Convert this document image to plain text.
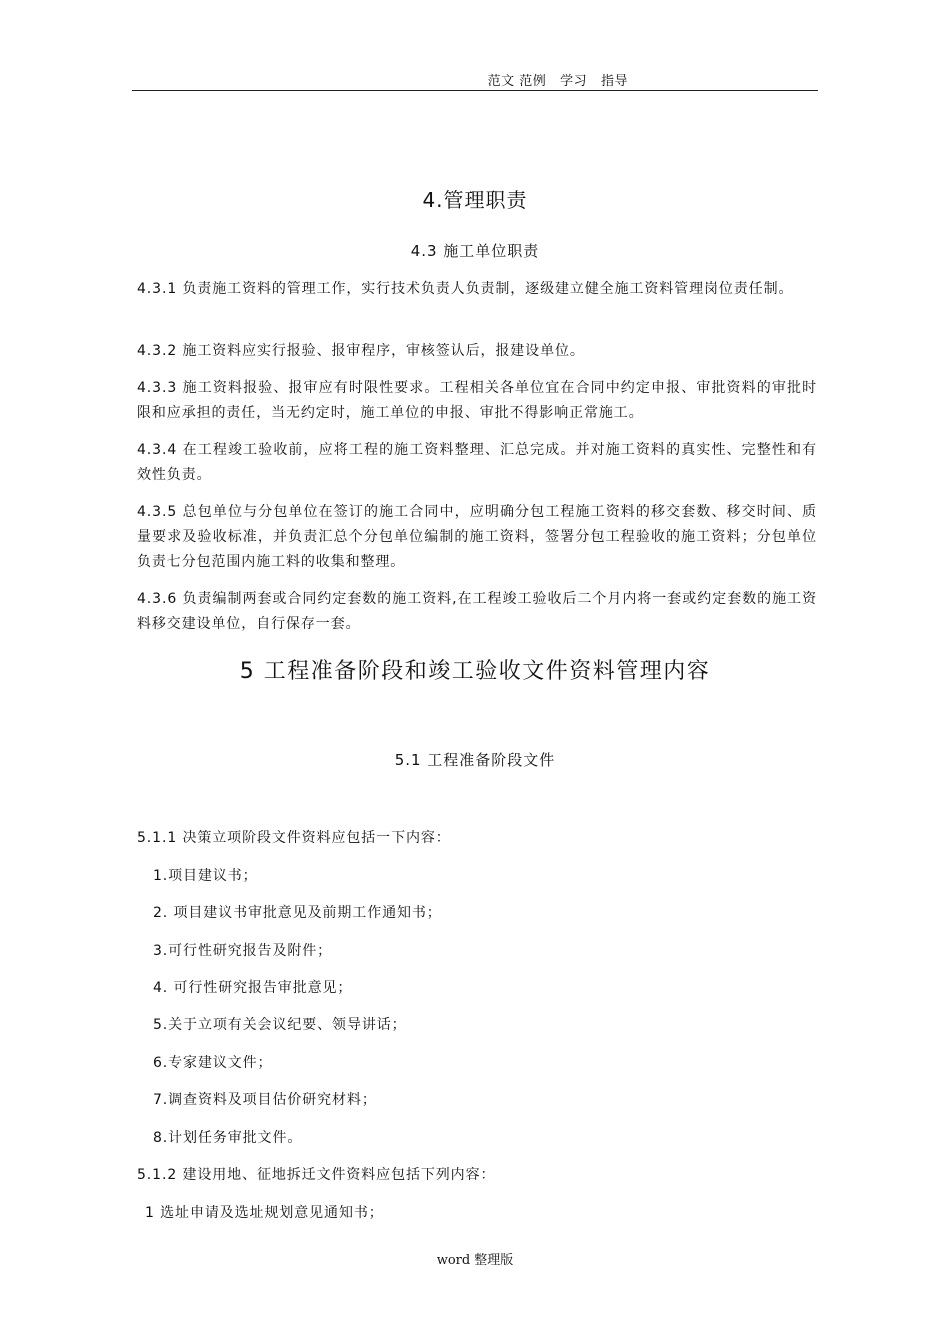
范文 范例   学习   指导
4.管理职责
4.3 施工单位职责
4.3.1 负责施工资料的管理工作，实行技术负责人负责制，逐级建立健全施工资料管理岗位责任制。
4.3.2 施工资料应实行报验、报审程序，审核签认后，报建设单位。
4.3.3 施工资料报验、报审应有时限性要求。工程相关各单位宜在合同中约定申报、审批资料的审批时限和应承担的责任，当无约定时，施工单位的申报、审批不得影响正常施工。
4.3.4 在工程竣工验收前，应将工程的施工资料整理、汇总完成。并对施工资料的真实性、完整性和有效性负责。
4.3.5 总包单位与分包单位在签订的施工合同中，应明确分包工程施工资料的移交套数、移交时间、质量要求及验收标准，并负责汇总个分包单位编制的施工资料，签署分包工程验收的施工资料；分包单位负责七分包范围内施工料的收集和整理。
4.3.6 负责编制两套或合同约定套数的施工资料,在工程竣工验收后二个月内将一套或约定套数的施工资料移交建设单位，自行保存一套。
5 工程准备阶段和竣工验收文件资料管理内容
5.1 工程准备阶段文件
5.1.1 决策立项阶段文件资料应包括一下内容：
1.项目建议书；
2. 项目建议书审批意见及前期工作通知书；
3.可行性研究报告及附件；
4. 可行性研究报告审批意见；
5.关于立项有关会议纪要、领导讲话；
6.专家建议文件；
7.调查资料及项目估价研究材料；
8.计划任务审批文件。
5.1.2 建设用地、征地拆迁文件资料应包括下列内容：
1 选址申请及选址规划意见通知书；
word 整理版
